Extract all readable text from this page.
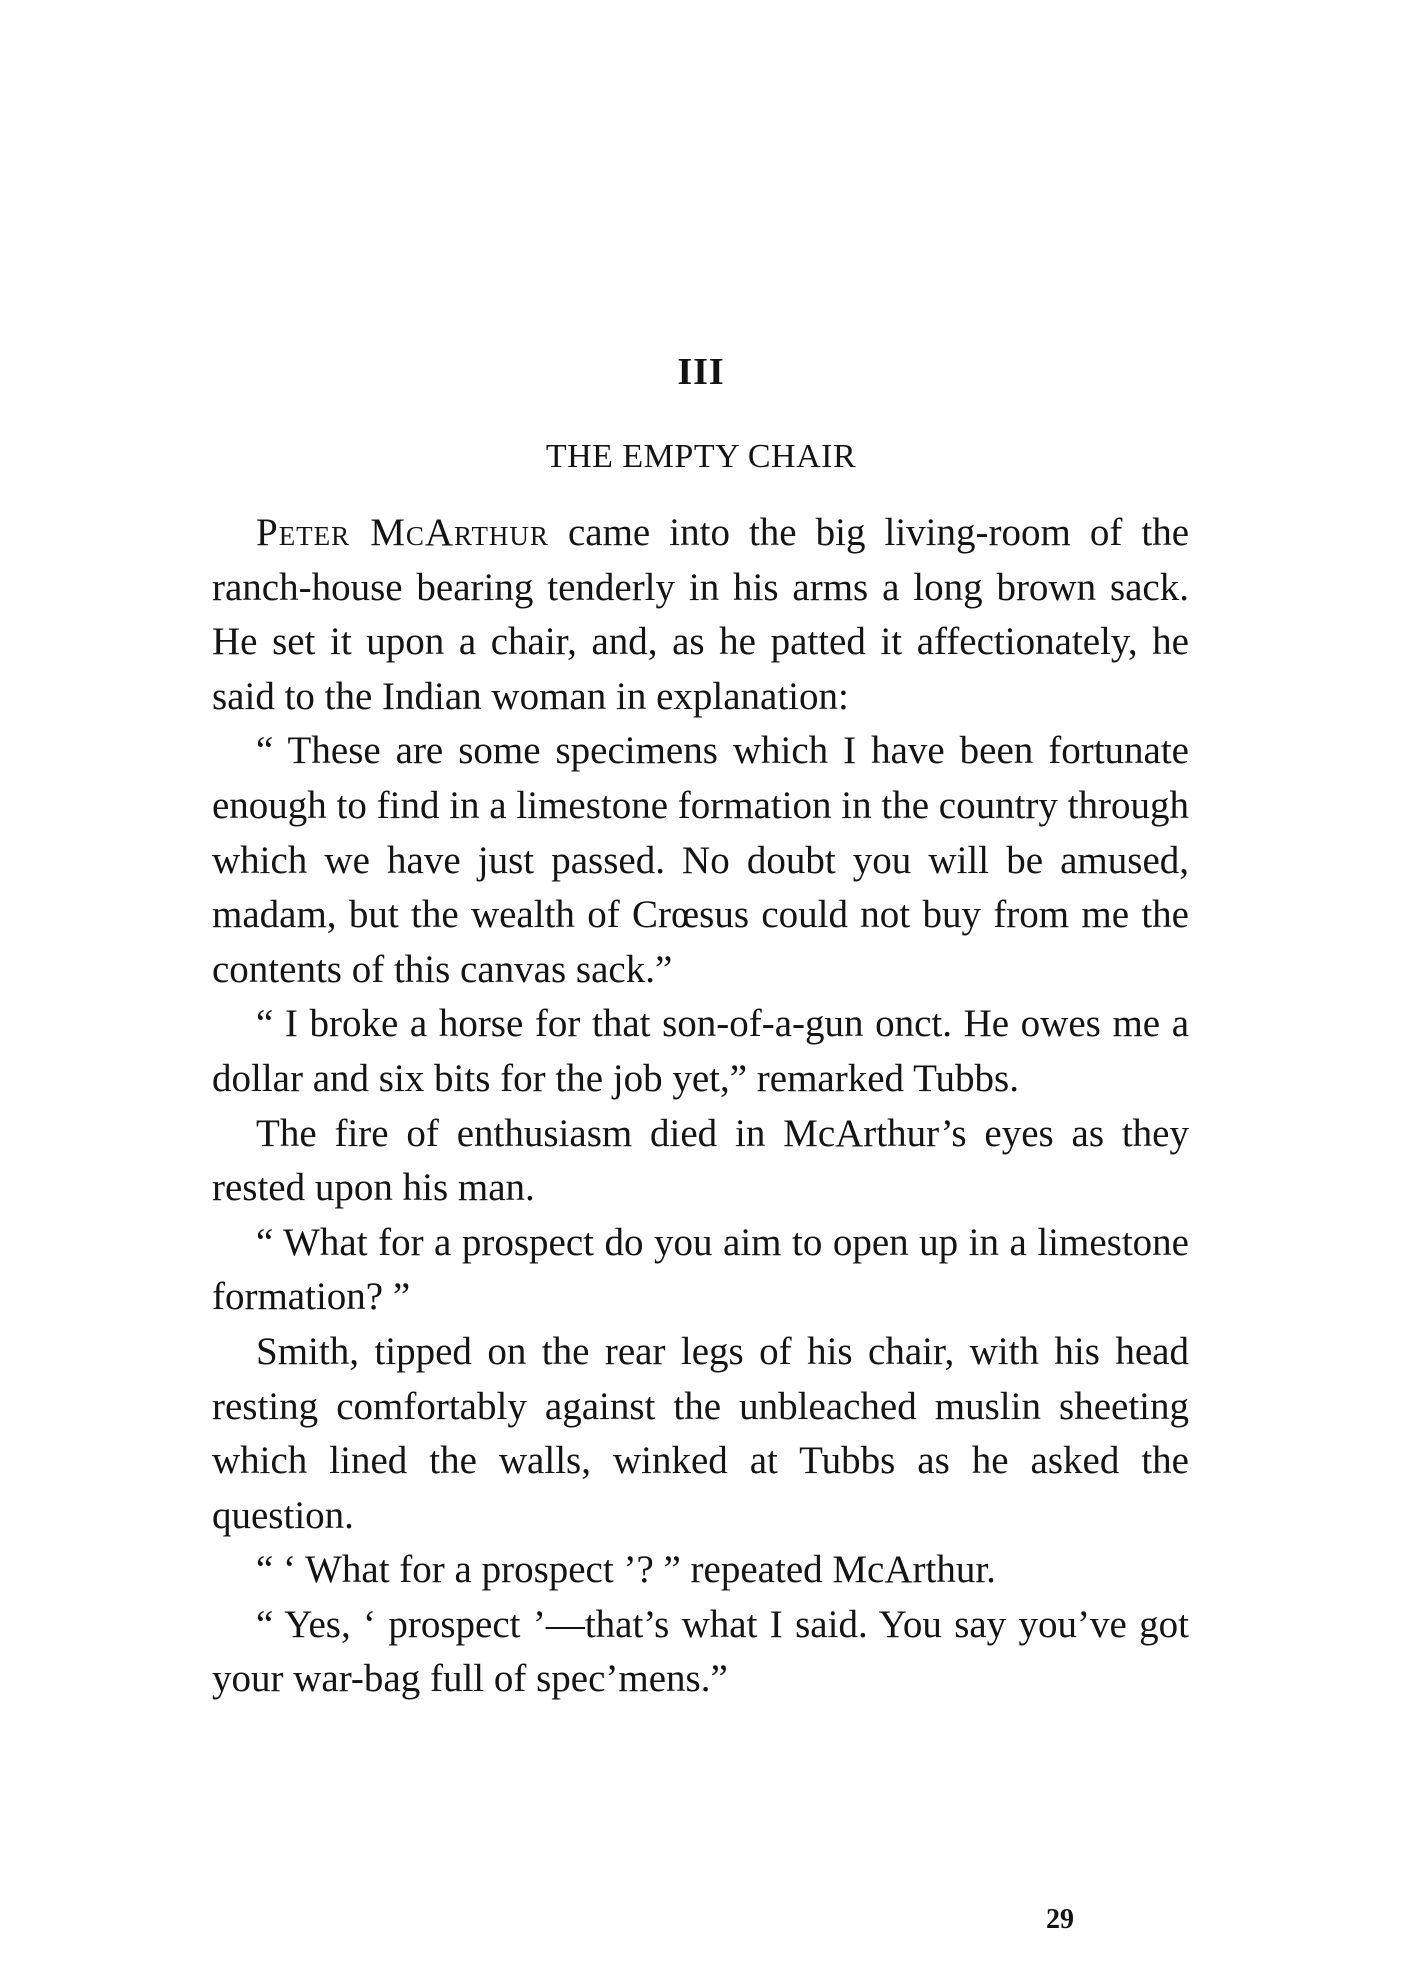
III
THE EMPTY CHAIR

Peter McArthur came into the big living-room of the ranch-house bearing tenderly in his arms a long brown sack. He set it upon a chair, and, as he patted it affectionately, he said to the Indian woman in explanation:

“ These are some specimens which I have been fortunate enough to find in a limestone formation in the country through which we have just passed. No doubt you will be amused, madam, but the wealth of Crœsus could not buy from me the contents of this canvas sack.”

“ I broke a horse for that son-of-a-gun onct. He owes me a dollar and six bits for the job yet,” remarked Tubbs.

The fire of enthusiasm died in McArthur’s eyes as they rested upon his man.

“ What for a prospect do you aim to open up in a limestone formation? ”

Smith, tipped on the rear legs of his chair, with his head resting comfortably against the unbleached muslin sheeting which lined the walls, winked at Tubbs as he asked the question.

“ ‘ What for a prospect ’? ” repeated McArthur.

“ Yes, ‘ prospect ’—that’s what I said. You say you’ve got your war-bag full of spec’mens.”

29
